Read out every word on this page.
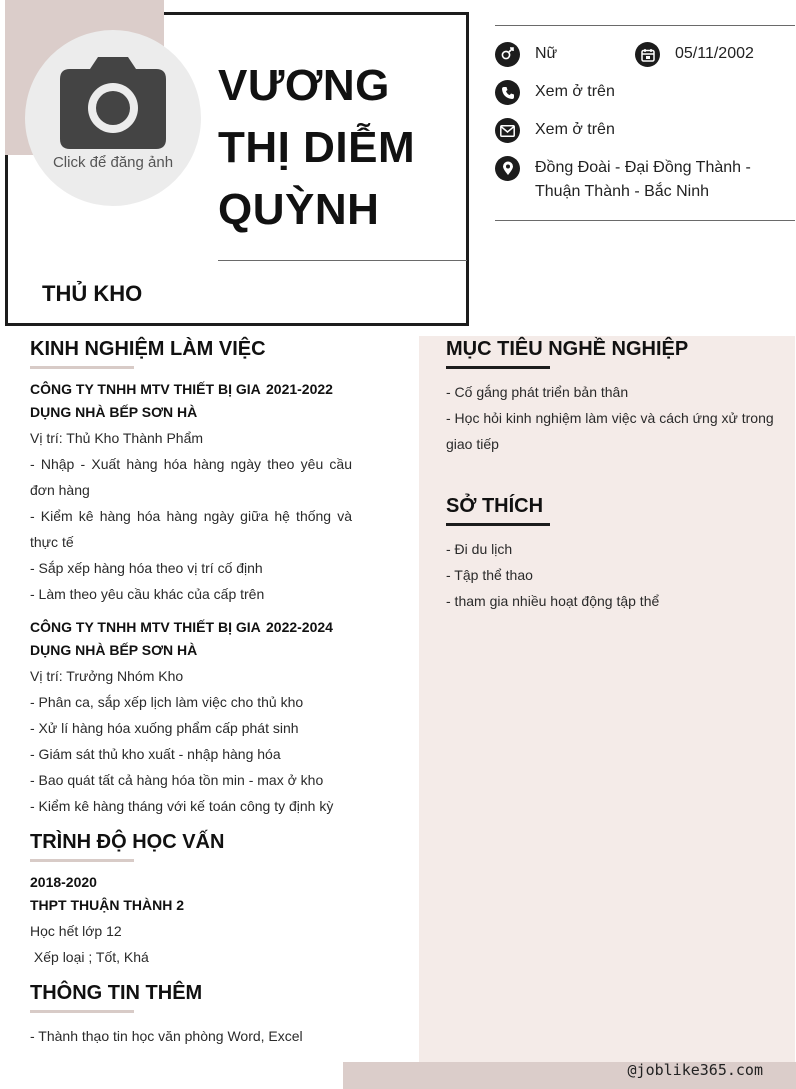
Click để đăng ảnh
VƯƠNG
THỊ DIỄM
QUỲNH
THỦ KHO
Nữ	05/11/2002
Xem ở trên
Xem ở trên
Đồng Đoài - Đại Đồng Thành -
Thuận Thành - Bắc Ninh
@joblike365.com
KINH NGHIỆM LÀM VIỆC
CÔNG TY TNHH MTV THIẾT BỊ GIA 2021-2022
DỤNG NHÀ BẾP SƠN HÀ
Vị trí: Thủ Kho Thành Phẩm
- Nhập - Xuất hàng hóa hàng ngày theo yêu cầu đơn hàng
- Kiểm kê hàng hóa hàng ngày giữa hệ thống và thực tế
- Sắp xếp hàng hóa theo vị trí cố định
- Làm theo yêu cầu khác của cấp trên
CÔNG TY TNHH MTV THIẾT BỊ GIA 2022-2024
DỤNG NHÀ BẾP SƠN HÀ
Vị trí: Trưởng Nhóm Kho
- Phân ca, sắp xếp lịch làm việc cho thủ kho
- Xử lí hàng hóa xuống phẩm cấp phát sinh
- Giám sát thủ kho xuất - nhập hàng hóa
- Bao quát tất cả hàng hóa tồn min - max ở kho
- Kiểm kê hàng tháng với kế toán công ty định kỳ
TRÌNH ĐỘ HỌC VẤN
2018-2020
THPT THUẬN THÀNH 2
Học hết lớp 12
Xếp loại ; Tốt, Khá
THÔNG TIN THÊM
- Thành thạo tin học văn phòng Word, Excel
MỤC TIÊU NGHỀ NGHIỆP
- Cố gắng phát triển bản thân
- Học hỏi kinh nghiệm làm việc và cách ứng xử trong giao tiếp
SỞ THÍCH
- Đi du lịch
- Tập thể thao
- tham gia nhiều hoạt động tập thể
